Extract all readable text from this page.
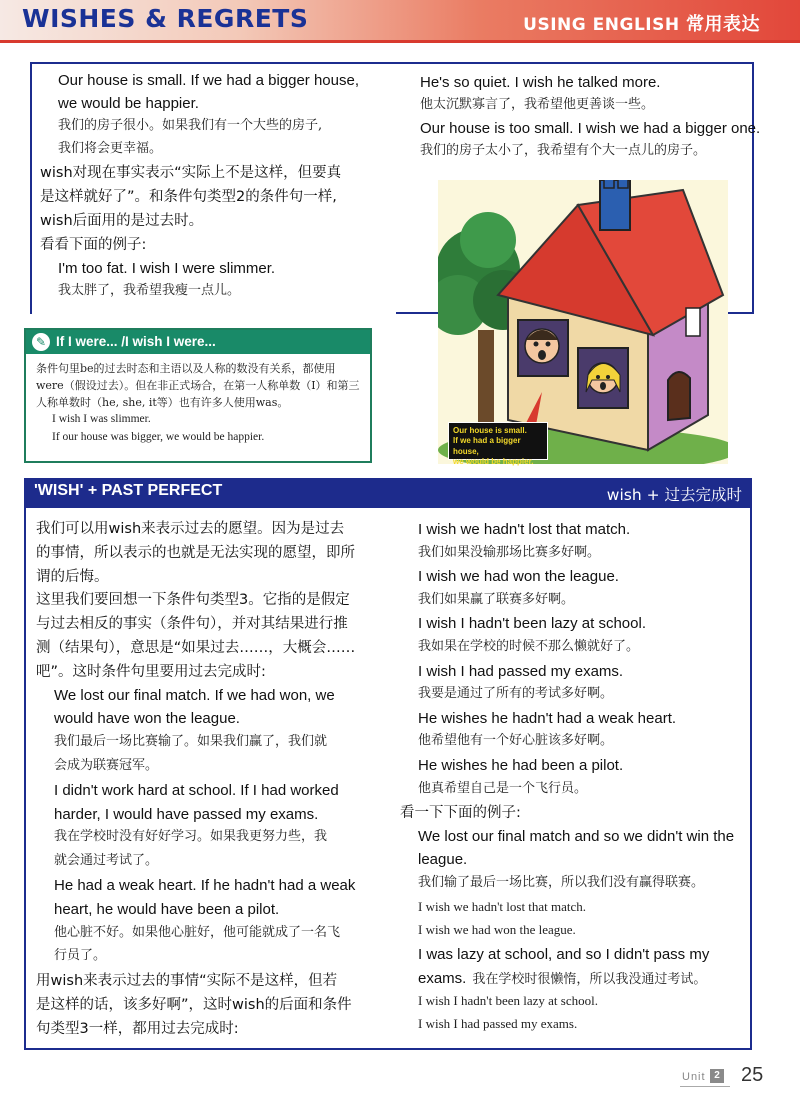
WISHES & REGRETS	USING ENGLISH 常用表达
Our house is small. If we had a bigger house,
we would be happier.
我们的房子很小。如果我们有一个大些的房子,
我们将会更幸福。
wish对现在事实表示“实际上不是这样，但要真
是这样就好了”。和条件句类型2的条件句一样,
wish后面用的是过去时。
看看下面的例子:
I'm too fat. I wish I were slimmer.
我太胖了，我希望我瘦一点儿。
He's so quiet. I wish he talked more.
他太沉默寡言了，我希望他更善谈一些。
Our house is too small. I wish we had a bigger one.
我们的房子太小了，我希望有个大一点儿的房子。
✎ If I were... /I wish I were...
条件句里be的过去时态和主语以及人称的数没有关系，都使用
were（假设过去）。但在非正式场合，在第一人称单数（I）和第三
人称单数时（he, she, it等）也有许多人使用was。
I wish I was slimmer.
If our house was bigger, we would be happier.
Our house is small.
If we had a bigger house,
we would be happier.
'WISH' + PAST PERFECT	wish + 过去完成时
我们可以用wish来表示过去的愿望。因为是过去
的事情，所以表示的也就是无法实现的愿望，即所
谓的后悔。
这里我们要回想一下条件句类型3。它指的是假定
与过去相反的事实（条件句），并对其结果进行推
测（结果句），意思是“如果过去……，大概会……
吧”。这时条件句里要用过去完成时:
We lost our final match. If we had won, we
would have won the league.
我们最后一场比赛输了。如果我们赢了，我们就
会成为联赛冠军。
I didn't work hard at school. If I had worked
harder, I would have passed my exams.
我在学校时没有好好学习。如果我更努力些，我
就会通过考试了。
He had a weak heart. If he hadn't had a weak
heart, he would have been a pilot.
他心脏不好。如果他心脏好，他可能就成了一名飞
行员了。
用wish来表示过去的事情“实际不是这样，但若
是这样的话，该多好啊”，这时wish的后面和条件
句类型3一样，都用过去完成时:
I wish we hadn't lost that match.
我们如果没输那场比赛多好啊。
I wish we had won the league.
我们如果赢了联赛多好啊。
I wish I hadn't been lazy at school.
我如果在学校的时候不那么懒就好了。
I wish I had passed my exams.
我要是通过了所有的考试多好啊。
He wishes he hadn't had a weak heart.
他希望他有一个好心脏该多好啊。
He wishes he had been a pilot.
他真希望自己是一个飞行员。
看一下下面的例子:
We lost our final match and so we didn't win the
league.
我们输了最后一场比赛，所以我们没有赢得联赛。
I wish we hadn't lost that match.
I wish we had won the league.
I was lazy at school, and so I didn't pass my
exams. 我在学校时很懒惰，所以我没通过考试。
I wish I hadn't been lazy at school.
I wish I had passed my exams.
Unit 2 25
